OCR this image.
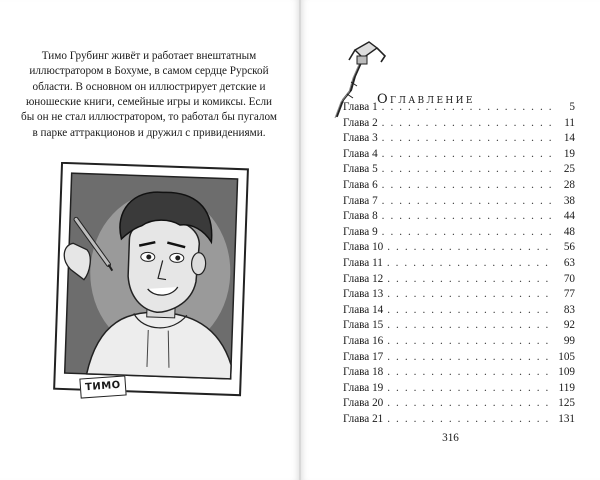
Тимо Грубинг живёт и работает внештатным иллюстратором в Бохуме, в самом сердце Рурской области. В основном он иллюстрирует детские и юношеские книги, семейные игры и комиксы. Если бы он не стал иллюстратором, то работал бы пугалом в парке аттракционов и дружил с привидениями.

ТИМО
Оглавление
Глава 1 . . .	5
Глава 2 . . .	11
Глава 3 . . .	14
Глава 4 . . .	19
Глава 5 . . .	25
Глава 6 . . .	28
Глава 7 . . .	38
Глава 8 . . .	44
Глава 9 . . .	48
Глава 10 . . .	56
Глава 11 . . .	63
Глава 12 . . .	70
Глава 13 . . .	77
Глава 14 . . .	83
Глава 15 . . .	92
Глава 16 . . .	99
Глава 17 . . .	105
Глава 18 . . .	109
Глава 19 . . .	119
Глава 20 . . .	125
Глава 21 . . .	131
316
